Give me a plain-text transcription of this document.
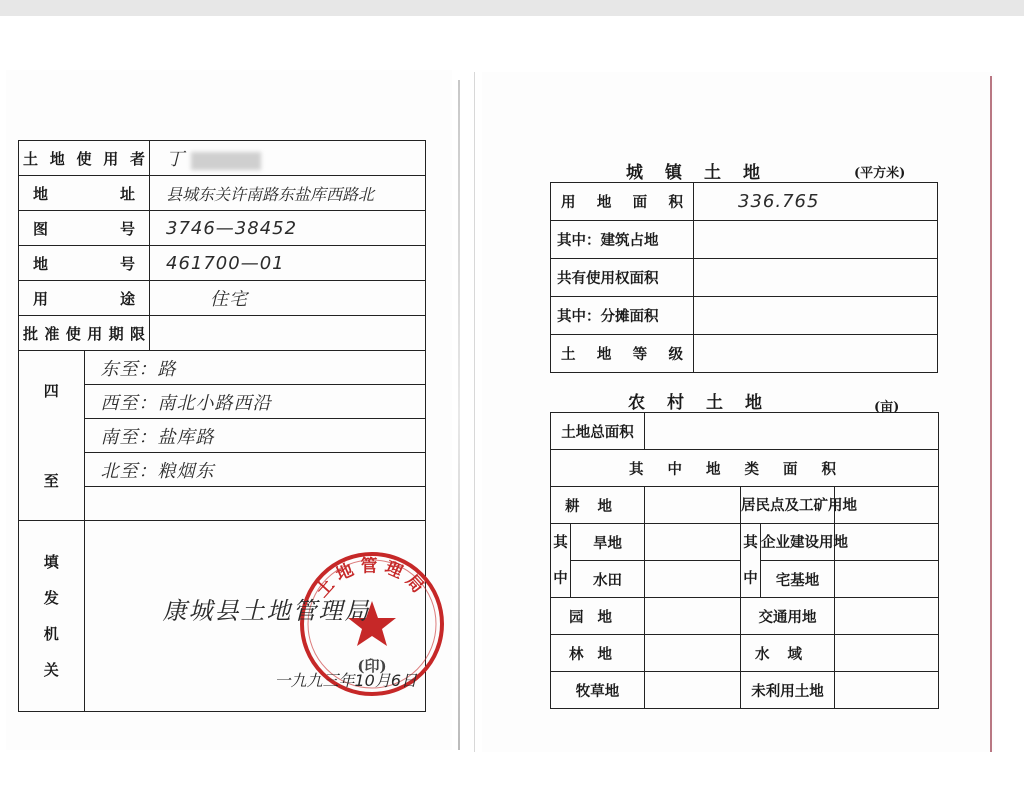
土地使用者		丁
地址		县城东关许南路东盐库西路北
图号		3746—38452
地号		461700—01
用途		住宅
批准使用期限		

四
至	东至：路	
	西至：南北小路西沿	
	南至：盐库路	
	北至：粮烟东	

填
发
机
关	土地管理局
(印)
康城县土地管理局
一九九三年10月6日	
城镇土地	(平方米)
用地面积	336.765
其中：建筑占地	
共有使用权面积	
其中：分摊面积	
土地等级	
农村土地	(亩)
土地总面积					
其中地类面积					
耕地			居民点及工矿用地		
其中	旱地		其中	企业建设用地	
	水田			宅基地	
园地			交通用地		
林地			水域		
牧草地			未利用土地		
